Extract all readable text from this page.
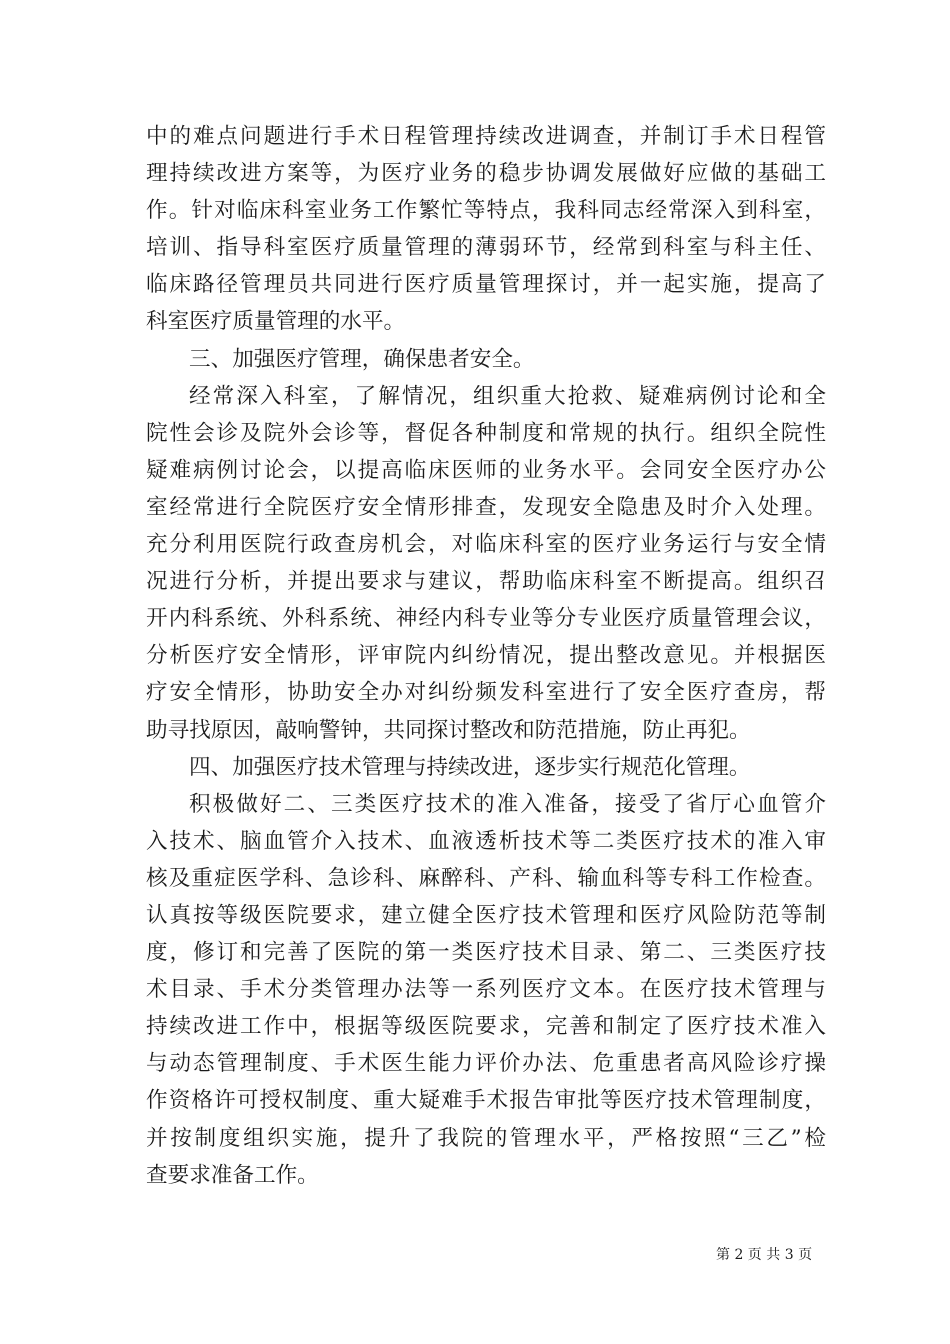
中的难点问题进行手术日程管理持续改进调查，并制订手术日程管
理持续改进方案等，为医疗业务的稳步协调发展做好应做的基础工
作。针对临床科室业务工作繁忙等特点，我科同志经常深入到科室，
培训、指导科室医疗质量管理的薄弱环节，经常到科室与科主任、
临床路径管理员共同进行医疗质量管理探讨，并一起实施，提高了
科室医疗质量管理的水平。
三、加强医疗管理，确保患者安全。
经常深入科室，了解情况，组织重大抢救、疑难病例讨论和全
院性会诊及院外会诊等，督促各种制度和常规的执行。组织全院性
疑难病例讨论会，以提高临床医师的业务水平。会同安全医疗办公
室经常进行全院医疗安全情形排查，发现安全隐患及时介入处理。
充分利用医院行政查房机会，对临床科室的医疗业务运行与安全情
况进行分析，并提出要求与建议，帮助临床科室不断提高。组织召
开内科系统、外科系统、神经内科专业等分专业医疗质量管理会议，
分析医疗安全情形，评审院内纠纷情况，提出整改意见。并根据医
疗安全情形，协助安全办对纠纷频发科室进行了安全医疗查房，帮
助寻找原因，敲响警钟，共同探讨整改和防范措施，防止再犯。
四、加强医疗技术管理与持续改进，逐步实行规范化管理。
积极做好二、三类医疗技术的准入准备，接受了省厅心血管介
入技术、脑血管介入技术、血液透析技术等二类医疗技术的准入审
核及重症医学科、急诊科、麻醉科、产科、输血科等专科工作检查。
认真按等级医院要求，建立健全医疗技术管理和医疗风险防范等制
度，修订和完善了医院的第一类医疗技术目录、第二、三类医疗技
术目录、手术分类管理办法等一系列医疗文本。在医疗技术管理与
持续改进工作中，根据等级医院要求，完善和制定了医疗技术准入
与动态管理制度、手术医生能力评价办法、危重患者高风险诊疗操
作资格许可授权制度、重大疑难手术报告审批等医疗技术管理制度，
并按制度组织实施，提升了我院的管理水平，严格按照“三乙”检
查要求准备工作。
第 2 页 共 3 页
